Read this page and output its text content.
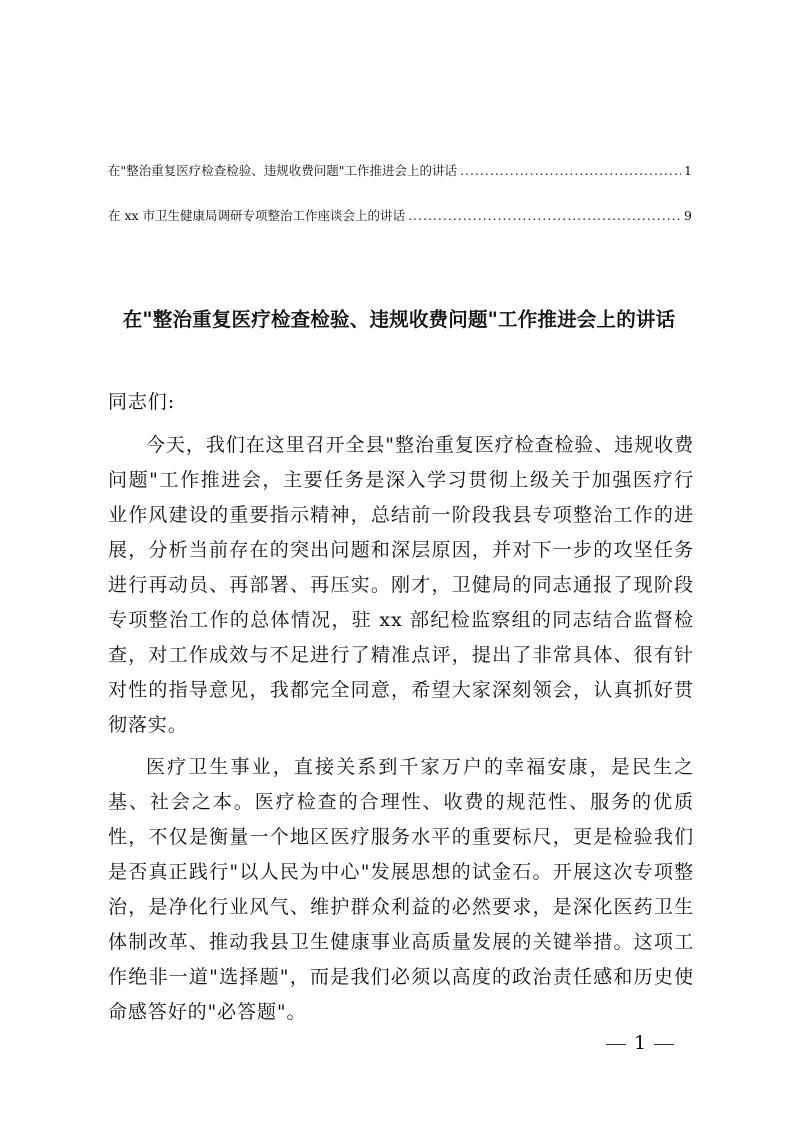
在"整治重复医疗检查检验、违规收费问题"工作推进会上的讲话 .....	1
在 xx 市卫生健康局调研专项整治工作座谈会上的讲话 .....	9
在"整治重复医疗检查检验、违规收费问题"工作推进会上的讲话

同志们:

今天，我们在这里召开全县"整治重复医疗检查检验、违规收费问题"工作推进会，主要任务是深入学习贯彻上级关于加强医疗行业作风建设的重要指示精神，总结前一阶段我县专项整治工作的进展，分析当前存在的突出问题和深层原因，并对下一步的攻坚任务进行再动员、再部署、再压实。刚才，卫健局的同志通报了现阶段专项整治工作的总体情况，驻 xx 部纪检监察组的同志结合监督检查，对工作成效与不足进行了精准点评，提出了非常具体、很有针对性的指导意见，我都完全同意，希望大家深刻领会，认真抓好贯彻落实。

医疗卫生事业，直接关系到千家万户的幸福安康，是民生之基、社会之本。医疗检查的合理性、收费的规范性、服务的优质性，不仅是衡量一个地区医疗服务水平的重要标尺，更是检验我们是否真正践行"以人民为中心"发展思想的试金石。开展这次专项整治，是净化行业风气、维护群众利益的必然要求，是深化医药卫生体制改革、推动我县卫生健康事业高质量发展的关键举措。这项工作绝非一道"选择题"，而是我们必须以高度的政治责任感和历史使命感答好的"必答题"。

1
